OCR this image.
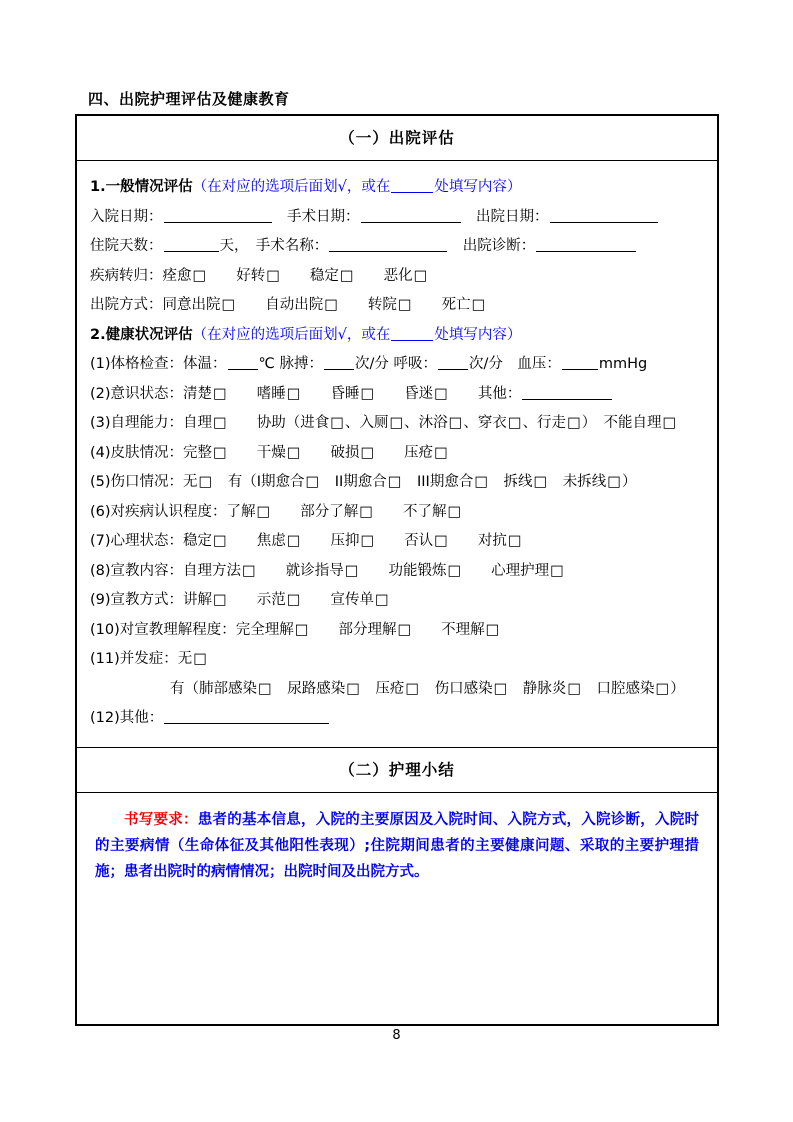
四、出院护理评估及健康教育
（一）出院评估
1.一般情况评估（在对应的选项后面划√，或在	处填写内容）
入院日期：	　手术日期：	　出院日期：
住院天数：	天，　手术名称：	　出院诊断：
疾病转归：痊愈□　　好转□　　稳定□　　恶化□
出院方式：同意出院□　　自动出院□　　转院□　　死亡□
2.健康状况评估（在对应的选项后面划√，或在	处填写内容）
(1)体格检查：体温： ℃ 脉搏： 次/分 呼吸： 次/分　血压：	mmHg
(2)意识状态：清楚□　　嗜睡□　　昏睡□　　昏迷□　　其他：
(3)自理能力：自理□　　协助（进食□、入厕□、沐浴□、穿衣□、行走□）　不能自理□
(4)皮肤情况：完整□　　干燥□　　破损□　　压疮□
(5)伤口情况：无□　有（I期愈合□　II期愈合□　III期愈合□　拆线□　未拆线□）
(6)对疾病认识程度：了解□　　部分了解□　　不了解□
(7)心理状态：稳定□　　焦虑□　　压抑□　　否认□　　对抗□
(8)宣教内容：自理方法□　　就诊指导□　　功能锻炼□　　心理护理□
(9)宣教方式：讲解□　　示范□　　宣传单□
(10)对宣教理解程度：完全理解□　　部分理解□　　不理解□
(11)并发症：无□
有（肺部感染□　尿路感染□　压疮□　伤口感染□　静脉炎□　口腔感染□）
(12)其他：
（二）护理小结

书写要求：患者的基本信息，入院的主要原因及入院时间、入院方式，入院诊断，入院时的主要病情（生命体征及其他阳性表现）;住院期间患者的主要健康问题、采取的主要护理措施；患者出院时的病情情况；出院时间及出院方式。

8
